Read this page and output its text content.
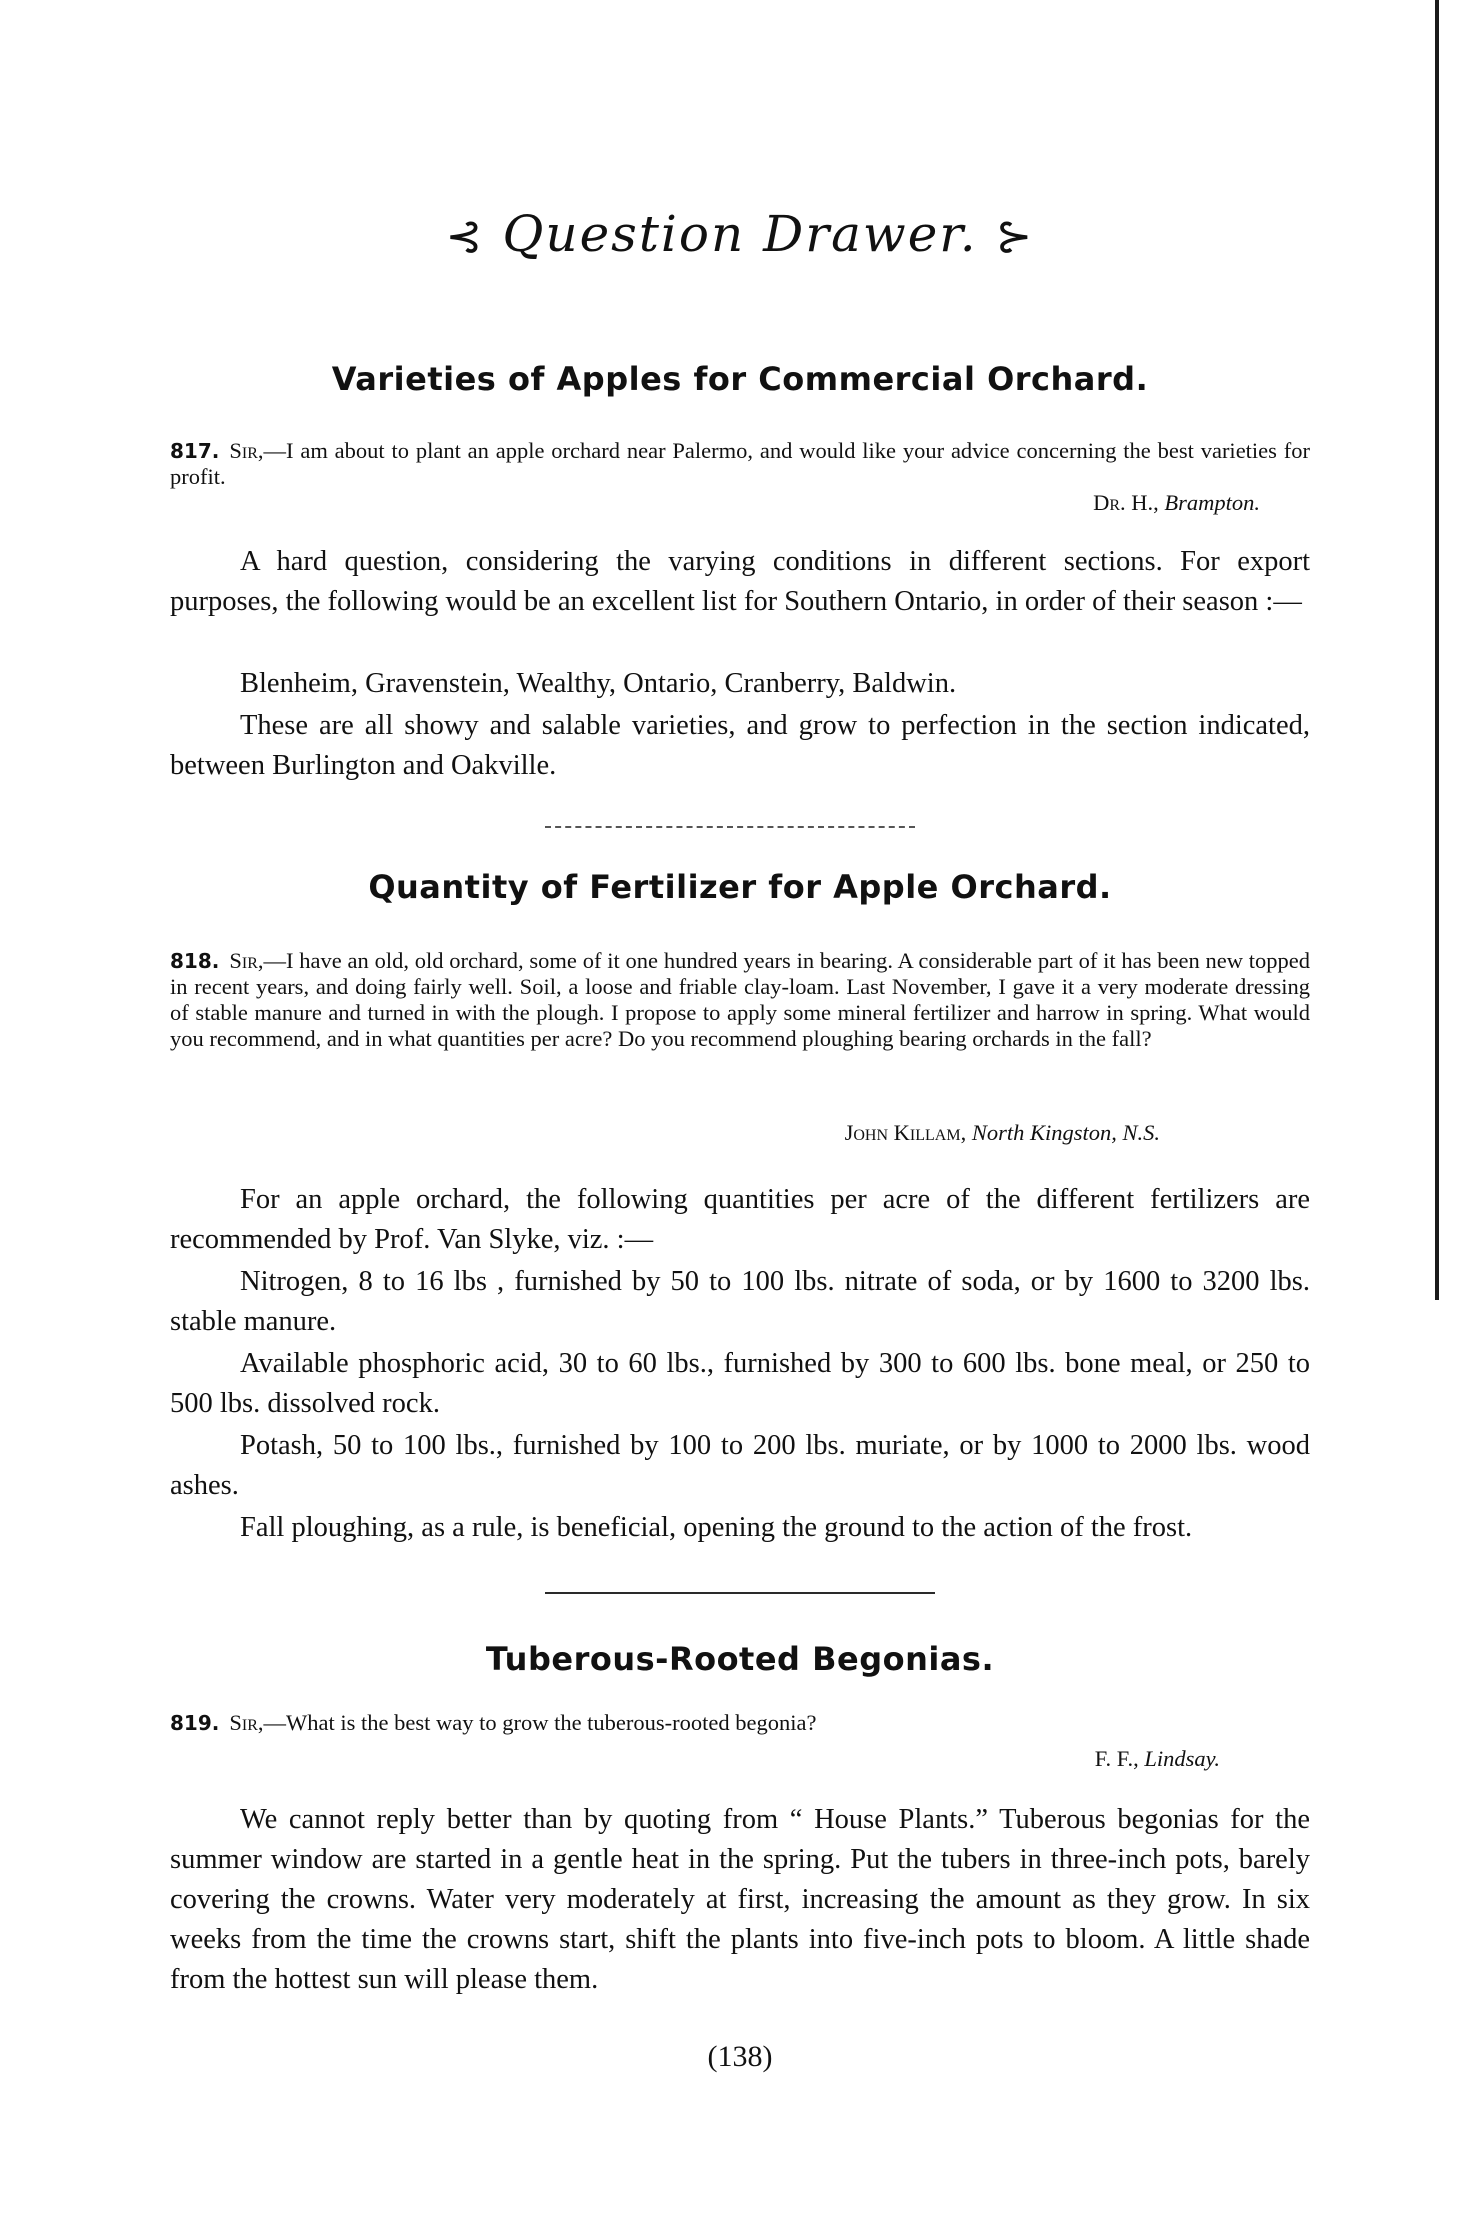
⊰ Question Drawer. ⊱
Varieties of Apples for Commercial Orchard.

817. Sir,—I am about to plant an apple orchard near Palermo, and would like your advice concerning the best varieties for profit.

Dr. H., Brampton.

A hard question, considering the varying conditions in different sections. For export purposes, the following would be an excellent list for Southern Ontario, in order of their season :—

Blenheim, Gravenstein, Wealthy, Ontario, Cranberry, Baldwin.

These are all showy and salable varieties, and grow to perfection in the section indicated, between Burlington and Oakville.

Quantity of Fertilizer for Apple Orchard.

818. Sir,—I have an old, old orchard, some of it one hundred years in bearing. A considerable part of it has been new topped in recent years, and doing fairly well. Soil, a loose and friable clay-loam. Last November, I gave it a very moderate dressing of stable manure and turned in with the plough. I propose to apply some mineral fertilizer and harrow in spring. What would you recommend, and in what quantities per acre? Do you recommend ploughing bearing orchards in the fall?

John Killam, North Kingston, N.S.

For an apple orchard, the following quantities per acre of the different fertilizers are recommended by Prof. Van Slyke, viz. :—

Nitrogen, 8 to 16 lbs , furnished by 50 to 100 lbs. nitrate of soda, or by 1600 to 3200 lbs. stable manure.

Available phosphoric acid, 30 to 60 lbs., furnished by 300 to 600 lbs. bone meal, or 250 to 500 lbs. dissolved rock.

Potash, 50 to 100 lbs., furnished by 100 to 200 lbs. muriate, or by 1000 to 2000 lbs. wood ashes.

Fall ploughing, as a rule, is beneficial, opening the ground to the action of the frost.

Tuberous-Rooted Begonias.

819. Sir,—What is the best way to grow the tuberous-rooted begonia?

F. F., Lindsay.

We cannot reply better than by quoting from “ House Plants.” Tuberous begonias for the summer window are started in a gentle heat in the spring. Put the tubers in three-inch pots, barely covering the crowns. Water very moderately at first, increasing the amount as they grow. In six weeks from the time the crowns start, shift the plants into five-inch pots to bloom. A little shade from the hottest sun will please them.

(138)
